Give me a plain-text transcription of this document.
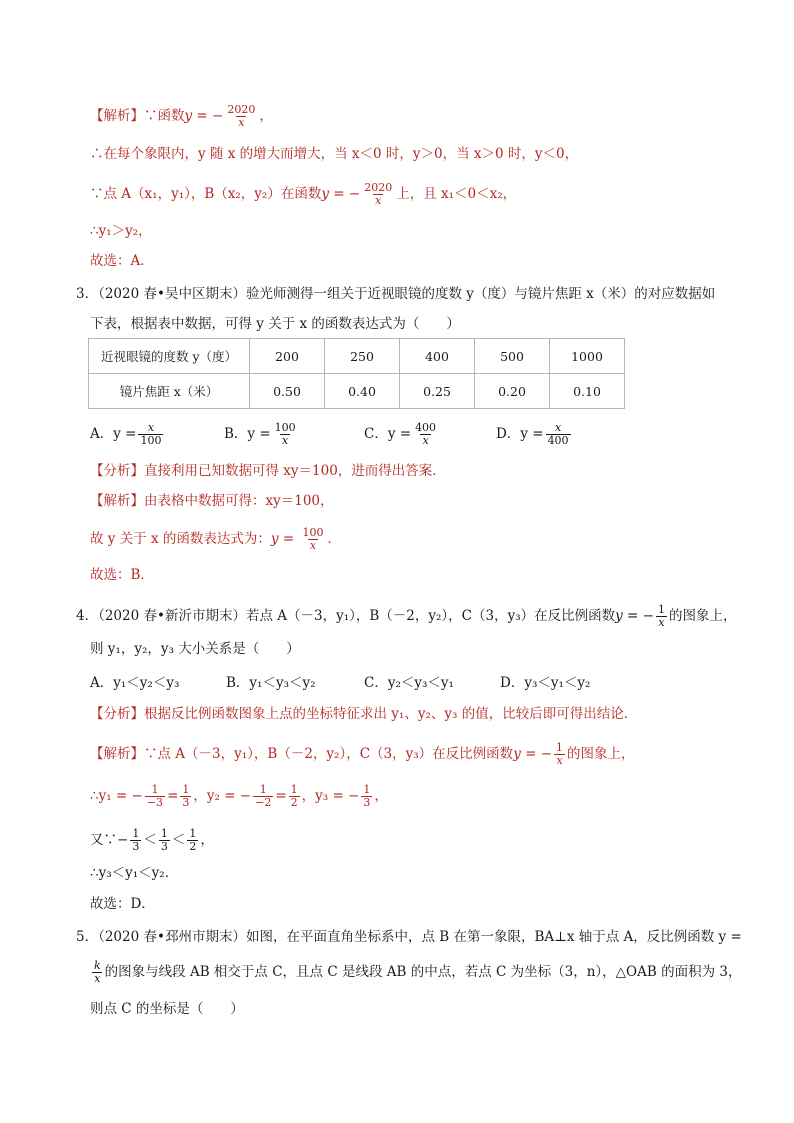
【解析】∵函数y = − $\frac{2020}{x}$ ，
∴在每个象限内，y 随 x 的增大而增大，当 x＜0 时，y＞0，当 x＞0 时，y＜0，
∵点 A（x₁，y₁），B（x₂，y₂）在函数y = − $\frac{2020}{x}$ 上，且 x₁＜0＜x₂，
∴y₁＞y₂，
故选：A．
3．（2020 春•吴中区期末）验光师测得一组关于近视眼镜的度数 y（度）与镜片焦距 x（米）的对应数据如
下表，根据表中数据，可得 y 关于 x 的函数表达式为（　　）
近视眼镜的度数 y（度）	200	250	400	500	1000
镜片焦距 x（米）	0.50	0.40	0.25	0.20	0.10
A．$y = \frac{x}{100}$	B．$y = \frac{100}{x}$	C．$y = \frac{400}{x}$	D．$y = \frac{x}{400}$
【分析】直接利用已知数据可得 xy＝100，进而得出答案．
【解析】由表格中数据可得：xy＝100，
故 y 关于 x 的函数表达式为：$y = \frac{100}{x}$ ．
故选：B．
4．（2020 春•新沂市期末）若点 A（－3，y₁），B（－2，y₂），C（3，y₃）在反比例函数y = − $\frac{1}{x}$ 的图象上，
则 y₁，y₂，y₃ 大小关系是（　　）
A．y₁＜y₂＜y₃	B．y₁＜y₃＜y₂	C．y₂＜y₃＜y₁	D．y₃＜y₁＜y₂
【分析】根据反比例函数图象上点的坐标特征求出 y₁、y₂、y₃ 的值，比较后即可得出结论．
【解析】∵点 A（－3，y₁），B（－2，y₂），C（3，y₃）在反比例函数y = − $\frac{1}{x}$ 的图象上，
∴y₁ = − $\frac{1}{-3} = \frac{1}{3}$ ，y₂ = − $\frac{1}{-2} = \frac{1}{2}$ ，y₃ = − $\frac{1}{3}$ ，
又∵− $\frac{1}{3} < \frac{1}{3} < \frac{1}{2}$ ，
∴y₃＜y₁＜y₂．
故选：D．
5．（2020 春•邳州市期末）如图，在平面直角坐标系中，点 B 在第一象限，BA⊥x 轴于点 A，反比例函数 y =
$\frac{k}{x}$ 的图象与线段 AB 相交于点 C，且点 C 是线段 AB 的中点，若点 C 为坐标（3，n），△OAB 的面积为 3，
则点 C 的坐标是（　　）
